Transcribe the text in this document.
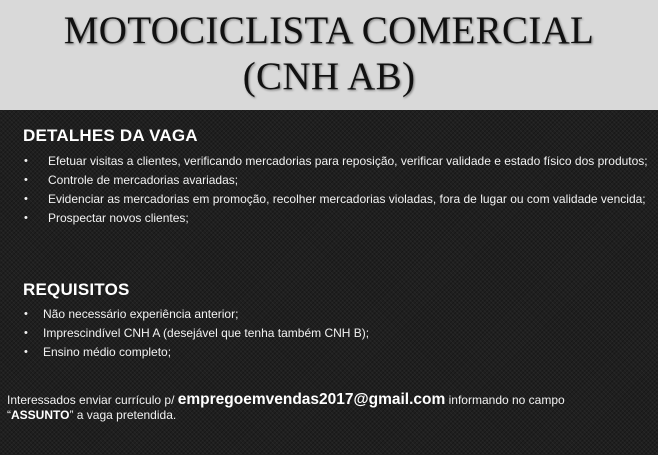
MOTOCICLISTA COMERCIAL
(CNH AB)
DETALHES DA VAGA
• Efetuar visitas a clientes, verificando mercadorias para reposição, verificar validade e estado físico dos produtos;
• Controle de mercadorias avariadas;
• Evidenciar as mercadorias em promoção, recolher mercadorias violadas, fora de lugar ou com validade vencida;
• Prospectar novos clientes;
REQUISITOS
• Não necessário experiência anterior;
• Imprescindível CNH A (desejável que tenha também CNH B);
• Ensino médio completo;
Interessados enviar currículo p/ empregoemvendas2017@gmail.com informando no campo
“ASSUNTO” a vaga pretendida.
